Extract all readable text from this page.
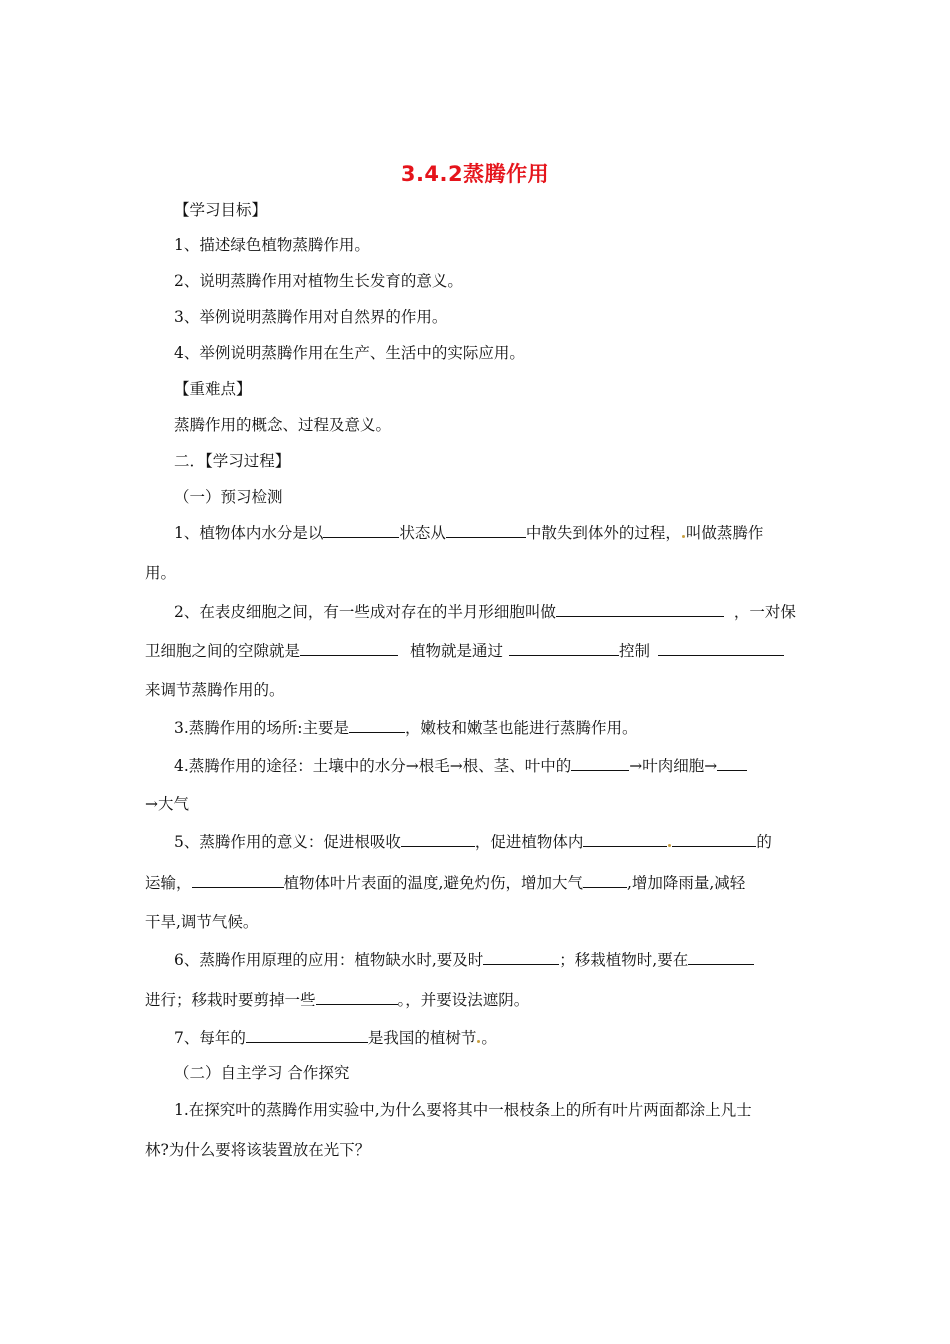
3.4.2蒸腾作用
【学习目标】
1、描述绿色植物蒸腾作用。
2、说明蒸腾作用对植物生长发育的意义。
3、举例说明蒸腾作用对自然界的作用。
4、举例说明蒸腾作用在生产、生活中的实际应用。
【重难点】
蒸腾作用的概念、过程及意义。
二．【学习过程】
（一）预习检测
1、植物体内水分是以	状态从	中散失到体外的过程， 叫做蒸腾作
用。
2、在表皮细胞之间，有一些成对存在的半月形细胞叫做	，一对保
卫细胞之间的空隙就是	植物就是通过	控制
来调节蒸腾作用的。
3.蒸腾作用的场所:主要是	，嫩枝和嫩茎也能进行蒸腾作用。
4.蒸腾作用的途径：土壤中的水分→根毛→根、茎、叶中的	→叶肉细胞→
→大气
5、蒸腾作用的意义：促进根吸收	，促进植物体内	的
运输，	植物体叶片表面的温度,避免灼伤，增加大气	,增加降雨量,减轻
干旱,调节气候。
6、蒸腾作用原理的应用：植物缺水时,要及时	；移栽植物时,要在
进行；移栽时要剪掉一些	。，并要设法遮阴。
7、每年的	是我国的植树节 。
（二）自主学习 合作探究
1.在探究叶的蒸腾作用实验中,为什么要将其中一根枝条上的所有叶片两面都涂上凡士
林?为什么要将该装置放在光下？
